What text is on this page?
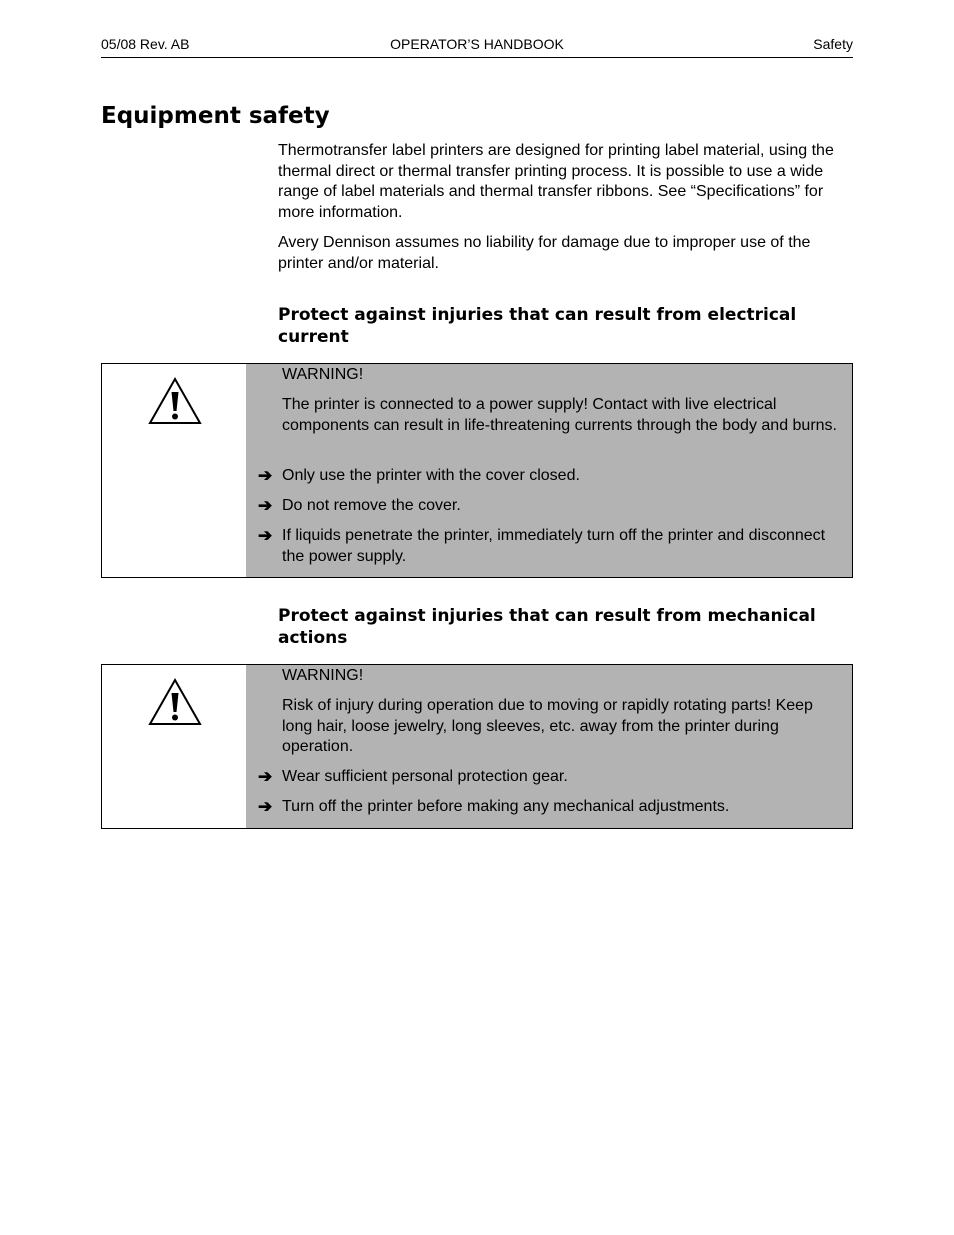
05/08 Rev. AB	OPERATOR’S HANDBOOK	Safety
Equipment safety

Thermotransfer label printers are designed for printing label material, using the thermal direct or thermal transfer printing process. It is possible to use a wide range of label materials and thermal transfer ribbons. See “Specifications” for more information.

Avery Dennison assumes no liability for damage due to improper use of the printer and/or material.

Protect against injuries that can result from electrical current
WARNING!
The printer is connected to a power supply! Contact with live electrical components can result in life-threatening currents through the body and burns.
➔ Only use the printer with the cover closed.
➔ Do not remove the cover.
➔ If liquids penetrate the printer, immediately turn off the printer and disconnect the power supply.
Protect against injuries that can result from mechanical actions
WARNING!
Risk of injury during operation due to moving or rapidly rotating parts! Keep long hair, loose jewelry, long sleeves, etc. away from the printer during operation.
➔ Wear sufficient personal protection gear.
➔ Turn off the printer before making any mechanical adjustments.
